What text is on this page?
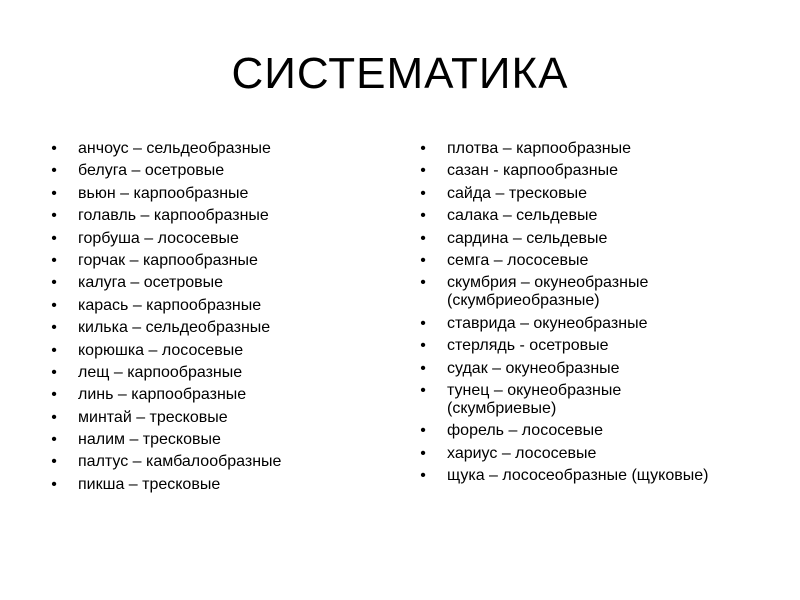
СИСТЕМАТИКА
• анчоус – сельдеобразные
• белуга – осетровые
• вьюн – карпообразные
• голавль – карпообразные
• горбуша – лососевые
• горчак – карпообразные
• калуга – осетровые
• карась – карпообразные
• килька – сельдеобразные
• корюшка – лососевые
• лещ – карпообразные
• линь – карпообразные
• минтай – тресковые
• налим – тресковые
• палтус – камбалообразные
• пикша – тресковые
• плотва – карпообразные
• сазан - карпообразные
• сайда – тресковые
• салака – сельдевые
• сардина – сельдевые
• семга – лососевые
• скумбрия – окунеобразные (скумбриеобразные)
• ставрида – окунеобразные
• стерлядь - осетровые
• судак – окунеобразные
• тунец – окунеобразные (скумбриевые)
• форель – лососевые
• хариус – лососевые
• щука – лососеобразные (щуковые)
